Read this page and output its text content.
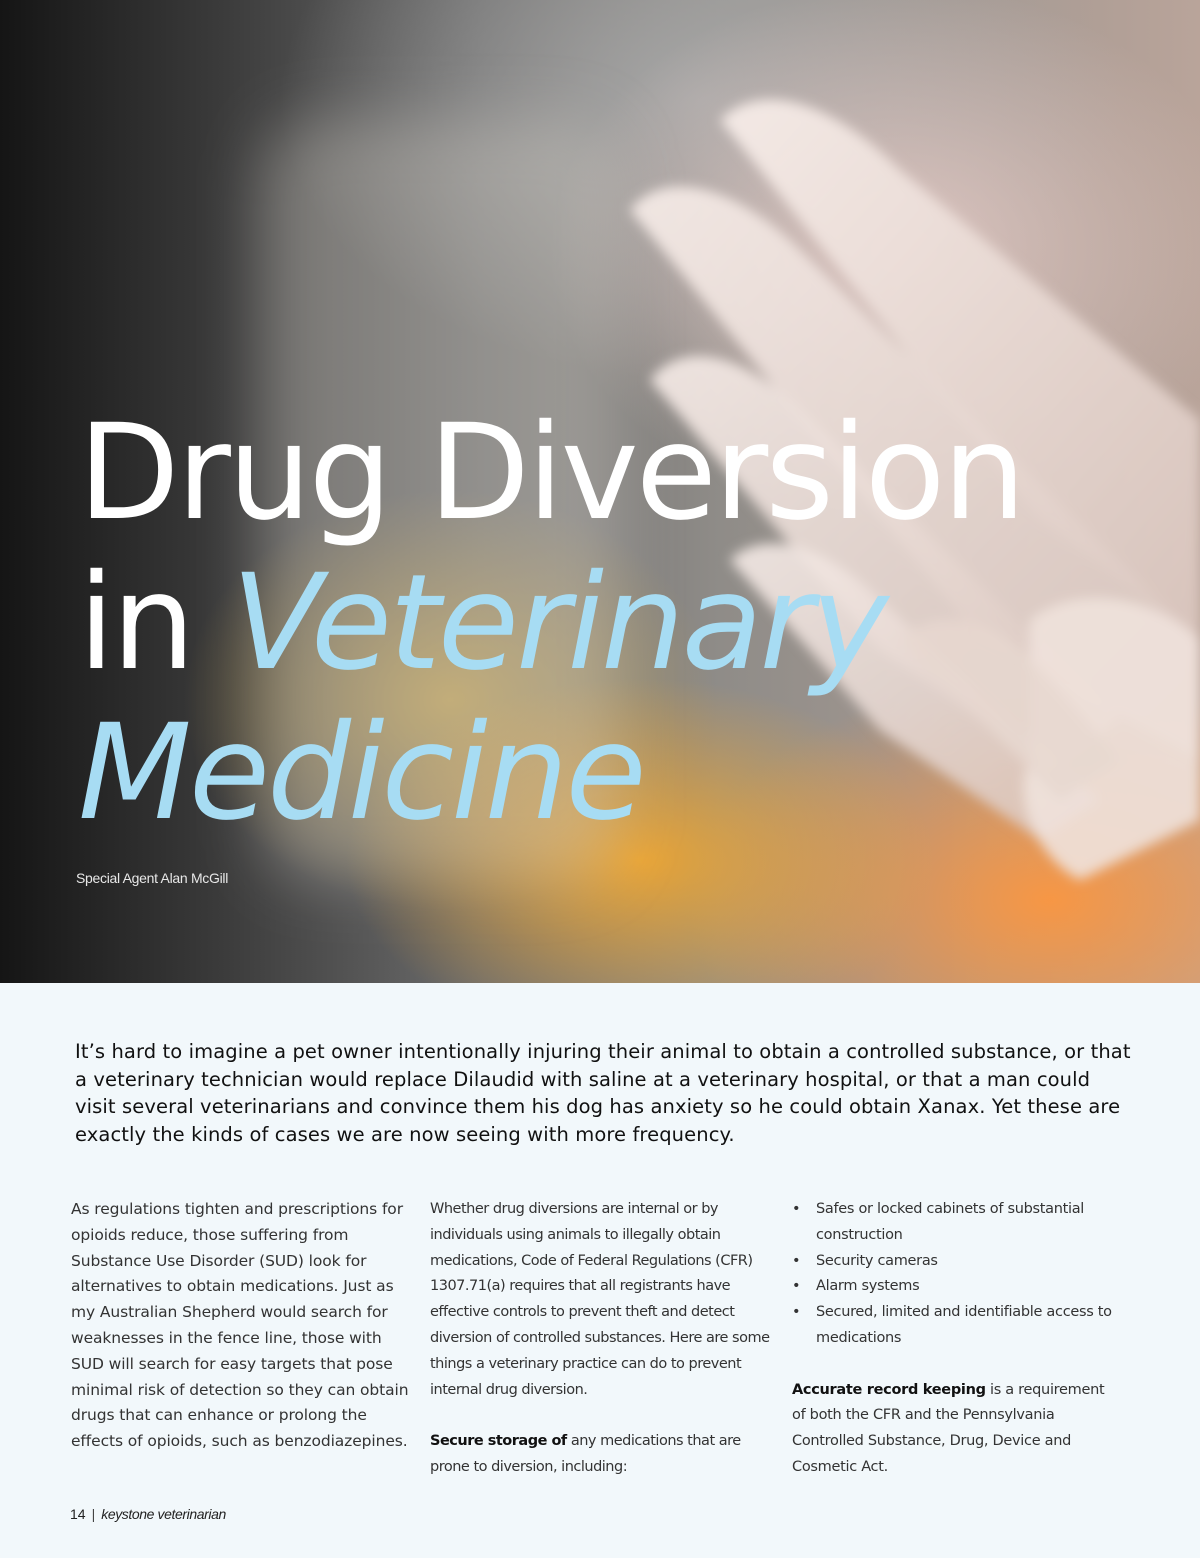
Drug Diversion
in Veterinary
Medicine
Special Agent Alan McGill

It’s hard to imagine a pet owner intentionally injuring their animal to obtain a controlled substance, or that a veterinary technician would replace Dilaudid with saline at a veterinary hospital, or that a man could visit several veterinarians and convince them his dog has anxiety so he could obtain Xanax. Yet these are exactly the kinds of cases we are now seeing with more frequency.

As regulations tighten and prescriptions for opioids reduce, those suffering from Substance Use Disorder (SUD) look for alternatives to obtain medications. Just as my Australian Shepherd would search for weaknesses in the fence line, those with SUD will search for easy targets that pose minimal risk of detection so they can obtain drugs that can enhance or prolong the effects of opioids, such as benzodiazepines.

Whether drug diversions are internal or by individuals using animals to illegally obtain medications, Code of Federal Regulations (CFR) 1307.71(a) requires that all registrants have effective controls to prevent theft and detect diversion of controlled substances. Here are some things a veterinary practice can do to prevent internal drug diversion.

Secure storage of any medications that are prone to diversion, including:

• Safes or locked cabinets of substantial construction
• Security cameras
• Alarm systems
• Secured, limited and identifiable access to medications

Accurate record keeping is a requirement of both the CFR and the Pennsylvania Controlled Substance, Drug, Device and Cosmetic Act.

14 | keystone veterinarian
